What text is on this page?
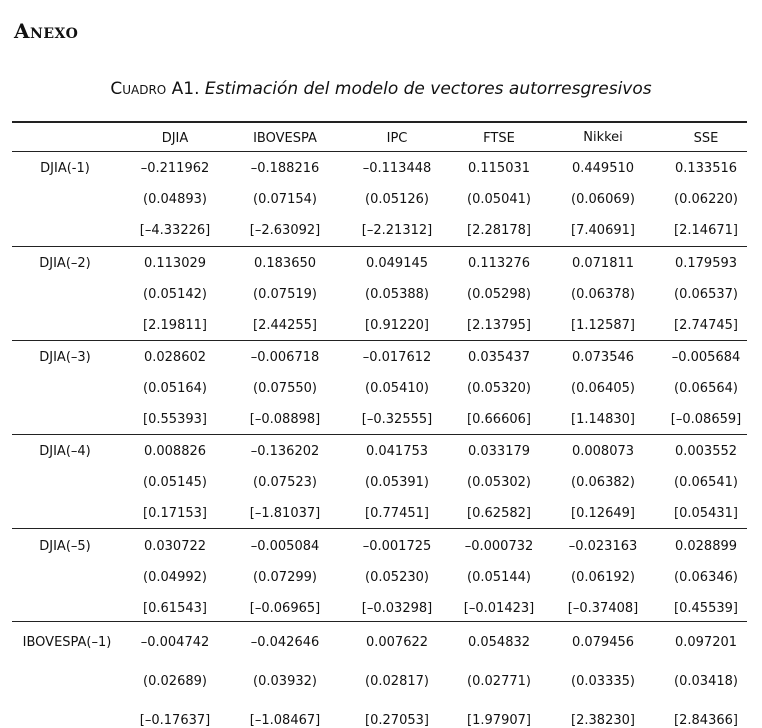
Anexo
Cuadro A1. Estimación del modelo de vectores autorresgresivos
DJIA	IBOVESPA	IPC	FTSE	Nikkei	SSE
DJIA(-1)	–0.211962	–0.188216	–0.113448	0.115031	0.449510	0.133516
(0.04893)	(0.07154)	(0.05126)	(0.05041)	(0.06069)	(0.06220)
[–4.33226]	[–2.63092]	[–2.21312]	[2.28178]	[7.40691]	[2.14671]
DJIA(–2)	0.113029	0.183650	0.049145	0.113276	0.071811	0.179593
(0.05142)	(0.07519)	(0.05388)	(0.05298)	(0.06378)	(0.06537)
[2.19811]	[2.44255]	[0.91220]	[2.13795]	[1.12587]	[2.74745]
DJIA(–3)	0.028602	–0.006718	–0.017612	0.035437	0.073546	–0.005684
(0.05164)	(0.07550)	(0.05410)	(0.05320)	(0.06405)	(0.06564)
[0.55393]	[–0.08898]	[–0.32555]	[0.66606]	[1.14830]	[–0.08659]
DJIA(–4)	0.008826	–0.136202	0.041753	0.033179	0.008073	0.003552
(0.05145)	(0.07523)	(0.05391)	(0.05302)	(0.06382)	(0.06541)
[0.17153]	[–1.81037]	[0.77451]	[0.62582]	[0.12649]	[0.05431]
DJIA(–5)	0.030722	–0.005084	–0.001725	–0.000732	–0.023163	0.028899
(0.04992)	(0.07299)	(0.05230)	(0.05144)	(0.06192)	(0.06346)
[0.61543]	[–0.06965]	[–0.03298] [–0.01423]	[–0.37408]	[0.45539]
IBOVESPA(–1) –0.004742	–0.042646	0.007622	0.054832	0.079456	0.097201
(0.02689)	(0.03932)	(0.02817)	(0.02771)	(0.03335)	(0.03418)
[–0.17637]	[–1.08467]	[0.27053]	[1.97907]	[2.38230]	[2.84366]
